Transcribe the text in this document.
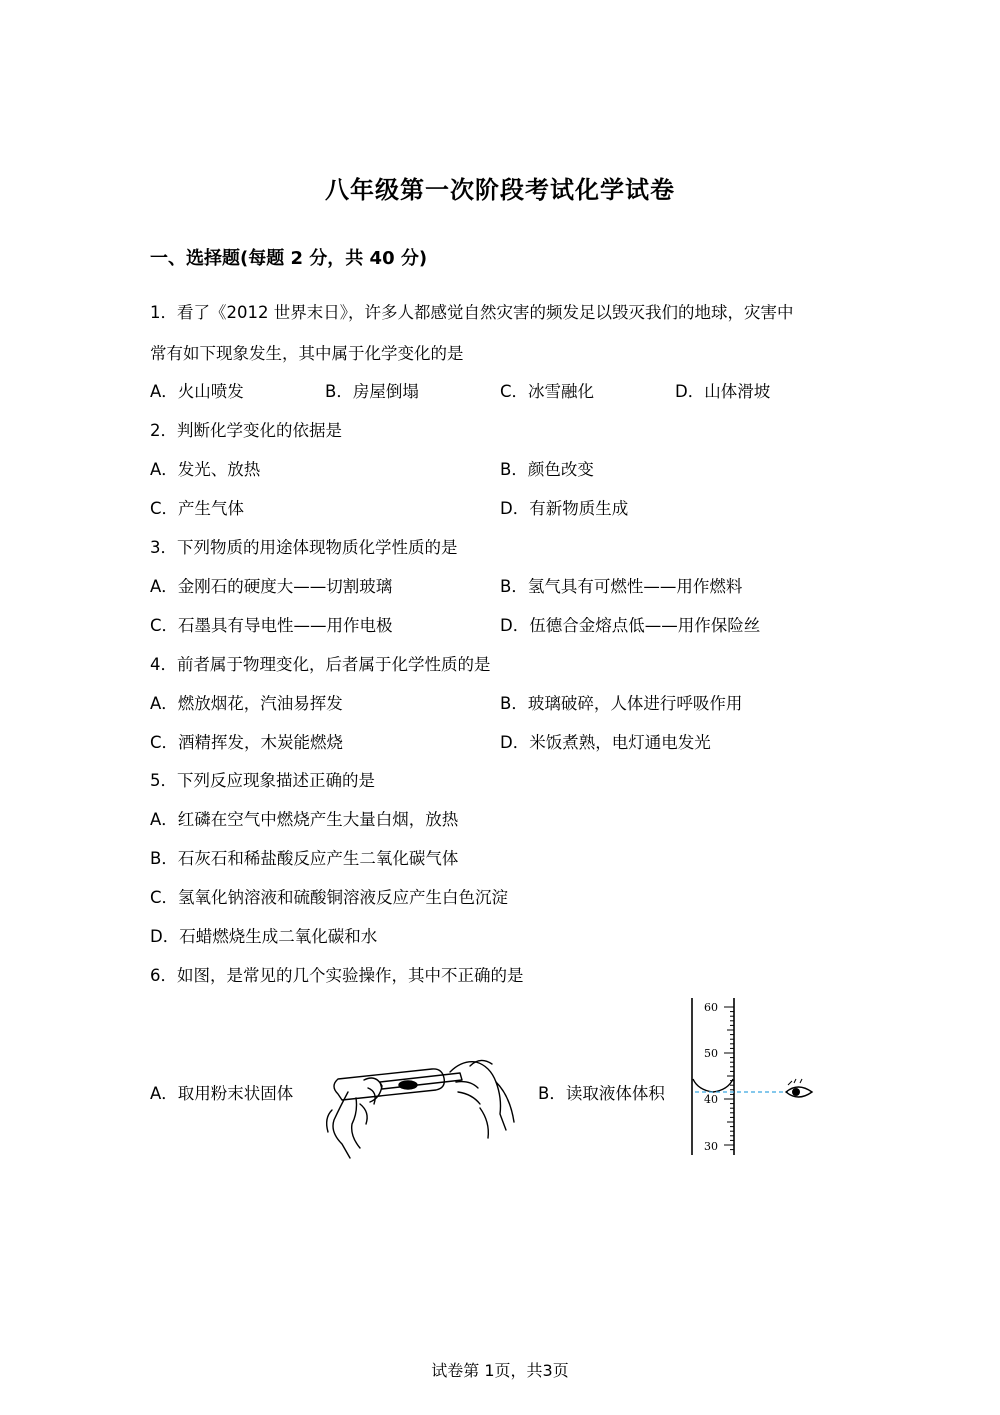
八年级第一次阶段考试化学试卷
一、选择题(每题 2 分，共 40 分)
1．看了《2012 世界末日》，许多人都感觉自然灾害的频发足以毁灭我们的地球，灾害中
常有如下现象发生，其中属于化学变化的是
A．火山喷发	B．房屋倒塌	C．冰雪融化	D．山体滑坡
2．判断化学变化的依据是
A．发光、放热	B．颜色改变
C．产生气体	D．有新物质生成
3．下列物质的用途体现物质化学性质的是
A．金刚石的硬度大——切割玻璃	B．氢气具有可燃性——用作燃料
C．石墨具有导电性——用作电极	D．伍德合金熔点低——用作保险丝
4．前者属于物理变化，后者属于化学性质的是
A．燃放烟花，汽油易挥发	B．玻璃破碎，人体进行呼吸作用
C．酒精挥发，木炭能燃烧	D．米饭煮熟，电灯通电发光
5．下列反应现象描述正确的是
A．红磷在空气中燃烧产生大量白烟，放热
B．石灰石和稀盐酸反应产生二氧化碳气体
C．氢氧化钠溶液和硫酸铜溶液反应产生白色沉淀
D．石蜡燃烧生成二氧化碳和水
6．如图，是常见的几个实验操作，其中不正确的是
A．取用粉末状固体	B．读取液体体积
60
50
40
30
试卷第 1页，共3页
